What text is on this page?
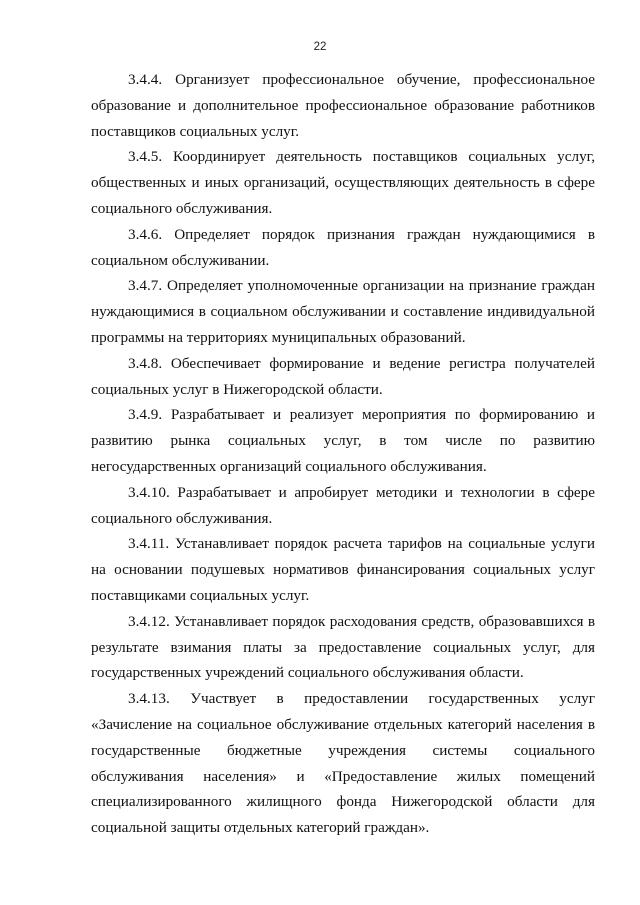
22

3.4.4. Организует профессиональное обучение, профессиональное образование и дополнительное профессиональное образование работников поставщиков социальных услуг.

3.4.5. Координирует деятельность поставщиков социальных услуг, общественных и иных организаций, осуществляющих деятельность в сфере социального обслуживания.

3.4.6. Определяет порядок признания граждан нуждающимися в социальном обслуживании.

3.4.7. Определяет уполномоченные организации на признание граждан нуждающимися в социальном обслуживании и составление индивидуальной программы на территориях муниципальных образований.

3.4.8. Обеспечивает формирование и ведение регистра получателей социальных услуг в Нижегородской области.

3.4.9. Разрабатывает и реализует мероприятия по формированию и развитию рынка социальных услуг, в том числе по развитию негосударственных организаций социального обслуживания.

3.4.10. Разрабатывает и апробирует методики и технологии в сфере социального обслуживания.

3.4.11. Устанавливает порядок расчета тарифов на социальные услуги на основании подушевых нормативов финансирования социальных услуг поставщиками социальных услуг.

3.4.12. Устанавливает порядок расходования средств, образовавшихся в результате взимания платы за предоставление социальных услуг, для государственных учреждений социального обслуживания области.

3.4.13. Участвует в предоставлении государственных услуг «Зачисление на социальное обслуживание отдельных категорий населения в государственные бюджетные учреждения системы социального обслуживания населения» и «Предоставление жилых помещений специализированного жилищного фонда Нижегородской области для социальной защиты отдельных категорий граждан».
